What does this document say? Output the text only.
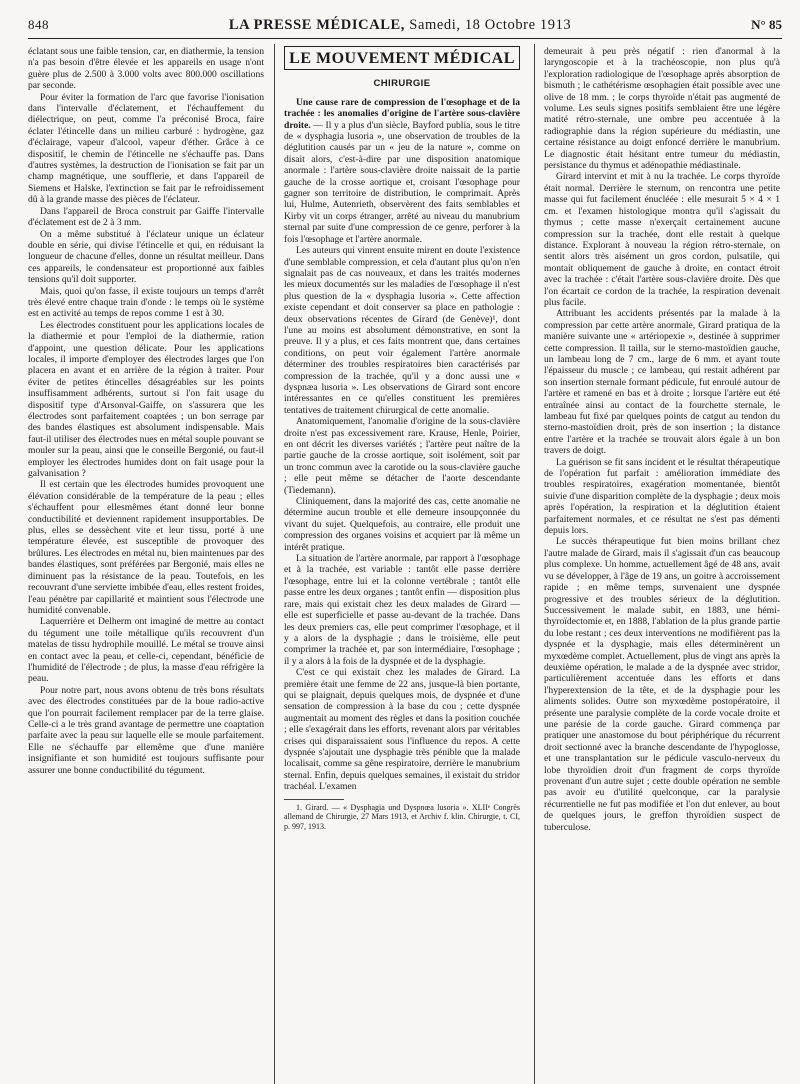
848	LA PRESSE MÉDICALE, Samedi, 18 Octobre 1913	N° 85

éclatant sous une faible tension, car, en diathermie, la tension n'a pas besoin d'être élevée et les appareils en usage n'ont guère plus de 2.500 à 3.000 volts avec 800.000 oscillations par seconde.

Pour éviter la formation de l'arc que favorise l'ionisation dans l'intervalle d'éclatement, et l'échauffement du diélectrique, on peut, comme l'a préconisé Broca, faire éclater l'étincelle dans un milieu carburé : hydrogène, gaz d'éclairage, vapeur d'alcool, vapeur d'éther. Grâce à ce dispositif, le chemin de l'étincelle ne s'échauffe pas. Dans d'autres systèmes, la destruction de l'ionisation se fait par un champ magnétique, une soufflerie, et dans l'appareil de Siemens et Halske, l'extinction se fait par le refroidissement dû à la grande masse des pièces de l'éclateur.

Dans l'appareil de Broca construit par Gaiffe l'intervalle d'éclatement est de 2 à 3 mm.

On a même substitué à l'éclateur unique un éclateur double en série, qui divise l'étincelle et qui, en réduisant la longueur de chacune d'elles, donne un résultat meilleur. Dans ces appareils, le condensateur est proportionné aux faibles tensions qu'il doit supporter.

Mais, quoi qu'on fasse, il existe toujours un temps d'arrêt très élevé entre chaque train d'onde : le temps où le système est en activité au temps de repos comme 1 est à 30.

Les électrodes constituent pour les applications locales de la diathermie et pour l'emploi de la diathermie, ration d'appoint, une question délicate. Pour les applications locales, il importe d'employer des électrodes larges que l'on placera en avant et en arrière de la région à traiter. Pour éviter de petites étincelles désagréables sur les points insuffisamment adhérents, surtout si l'on fait usage du dispositif type d'Arsonval-Gaiffe, on s'assurera que les électrodes sont parfaitement coaptées ; un bon serrage par des bandes élastiques est absolument indispensable. Mais faut-il utiliser des électrodes nues en métal souple pouvant se mouler sur la peau, ainsi que le conseille Bergonié, ou faut-il employer les électrodes humides dont on fait usage pour la galvanisation ?

Il est certain que les électrodes humides provoquent une élévation considérable de la température de la peau ; elles s'échauffent pour ellesmêmes étant donné leur bonne conductibilité et deviennent rapidement insupportables. De plus, elles se dessèchent vite et leur tissu, porté à une température élevée, est susceptible de provoquer des brûlures. Les électrodes en métal nu, bien maintenues par des bandes élastiques, sont préférées par Bergonié, mais elles ne diminuent pas la résistance de la peau. Toutefois, en les recouvrant d'une serviette imbibée d'eau, elles restent froides, l'eau pénètre par capillarité et maintient sous l'électrode une humidité convenable.

Laquerrière et Delherm ont imaginé de mettre au contact du tégument une toile métallique qu'ils recouvrent d'un matelas de tissu hydrophile mouillé. Le métal se trouve ainsi en contact avec la peau, et celle-ci, cependant, bénéficie de l'humidité de l'électrode ; de plus, la masse d'eau réfrigère la peau.

Pour notre part, nous avons obtenu de très bons résultats avec des électrodes constituées par de la boue radio-active que l'on pourrait facilement remplacer par de la terre glaise. Celle-ci a le très grand avantage de permettre une coaptation parfaite avec la peau sur laquelle elle se moule parfaitement. Elle ne s'échauffe par ellemême que d'une manière insignifiante et son humidité est toujours suffisante pour assurer une bonne conductibilité du tégument.

LE MOUVEMENT MÉDICAL
CHIRURGIE

Une cause rare de compression de l'œsophage et de la trachée : les anomalies d'origine de l'artère sous-clavière droite. — Il y a plus d'un siècle, Bayford publia, sous le titre de « dysphagia lusoria », une observation de troubles de la déglutition causés par un « jeu de la nature », comme on disait alors, c'est-à-dire par une disposition anatomique anormale : l'artère sous-clavière droite naissait de la partie gauche de la crosse aortique et, croisant l'œsophage pour gagner son territoire de distribution, le comprimait. Après lui, Hulme, Autenrieth, observèrent des faits semblables et Kirby vit un corps étranger, arrêté au niveau du manubrium sternal par suite d'une compression de ce genre, perforer à la fois l'œsophage et l'artère anormale.

Les auteurs qui vinrent ensuite mirent en doute l'existence d'une semblable compression, et cela d'autant plus qu'on n'en signalait pas de cas nouveaux, et dans les traités modernes les mieux documentés sur les maladies de l'œsophage il n'est plus question de la « dysphagia lusoria ». Cette affection existe cependant et doit conserver sa place en pathologie : deux observations récentes de Girard (de Genève)¹, dont l'une au moins est absolument démonstrative, en sont la preuve. Il y a plus, et ces faits montrent que, dans certaines conditions, on peut voir également l'artère anormale déterminer des troubles respiratoires bien caractérisés par compression de la trachée, qu'il y a donc aussi une « dyspnæa lusoria ». Les observations de Girard sont encore intéressantes en ce qu'elles constituent les premières tentatives de traitement chirurgical de cette anomalie.

Anatomiquement, l'anomalie d'origine de la sous-clavière droite n'est pas excessivement rare. Krause, Henle, Poirier, en ont décrit les diverses variétés ; l'artère peut naître de la partie gauche de la crosse aortique, soit isolément, soit par un tronc commun avec la carotide ou la sous-clavière gauche ; elle peut même se détacher de l'aorte descendante (Tiedemann).

Cliniquement, dans la majorité des cas, cette anomalie ne détermine aucun trouble et elle demeure insoupçonnée du vivant du sujet. Quelquefois, au contraire, elle produit une compression des organes voisins et acquiert par là même un intérêt pratique.

La situation de l'artère anormale, par rapport à l'œsophage et à la trachée, est variable : tantôt elle passe derrière l'œsophage, entre lui et la colonne vertébrale ; tantôt elle passe entre les deux organes ; tantôt enfin — disposition plus rare, mais qui existait chez les deux malades de Girard — elle est superficielle et passe au-devant de la trachée. Dans les deux premiers cas, elle peut comprimer l'œsophage, et il y a alors de la dysphagie ; dans le troisième, elle peut comprimer la trachée et, par son intermédiaire, l'œsophage ; il y a alors à la fois de la dyspnée et de la dysphagie.

C'est ce qui existait chez les malades de Girard. La première était une femme de 22 ans, jusque-là bien portante, qui se plaignait, depuis quelques mois, de dyspnée et d'une sensation de compression à la base du cou ; cette dyspnée augmentait au moment des règles et dans la position couchée ; elle s'exagérait dans les efforts, revenant alors par véritables crises qui disparaissaient sous l'influence du repos. A cette dyspnée s'ajoutait une dysphagie très pénible que la malade localisait, comme sa gêne respiratoire, derrière le manubrium sternal. Enfin, depuis quelques semaines, il existait du stridor trachéal. L'examen

1. Girard. — « Dysphagia und Dyspnœa lusoria ». XLIIᵉ Congrès allemand de Chirurgie, 27 Mars 1913, et Archiv f. klin. Chirurgie, t. CI, p. 997, 1913.

demeurait à peu près négatif : rien d'anormal à la laryngoscopie et à la trachéoscopie, non plus qu'à l'exploration radiologique de l'œsophage après absorption de bismuth ; le cathétérisme œsophagien était possible avec une olive de 18 mm. ; le corps thyroïde n'était pas augmenté de volume. Les seuls signes positifs semblaient être une légère matité rétro-sternale, une ombre peu accentuée à la radiographie dans la région supérieure du médiastin, une certaine résistance au doigt enfoncé derrière le manubrium. Le diagnostic était hésitant entre tumeur du médiastin, persistance du thymus et adénopathie médiastinale.

Girard intervint et mit à nu la trachée. Le corps thyroïde était normal. Derrière le sternum, on rencontra une petite masse qui fut facilement énucléée : elle mesurait 5 × 4 × 1 cm. et l'examen histologique montra qu'il s'agissait du thymus ; cette masse n'exerçait certainement aucune compression sur la trachée, dont elle restait à quelque distance. Explorant à nouveau la région rétro-sternale, on sentit alors très aisément un gros cordon, pulsatile, qui montait obliquement de gauche à droite, en contact étroit avec la trachée : c'était l'artère sous-clavière droite. Dès que l'on écartait ce cordon de la trachée, la respiration devenait plus facile.

Attribuant les accidents présentés par la malade à la compression par cette artère anormale, Girard pratiqua de la manière suivante une « artériopexie », destinée à supprimer cette compression. Il tailla, sur le sterno-mastoïdien gauche, un lambeau long de 7 cm., large de 6 mm. et ayant toute l'épaisseur du muscle ; ce lambeau, qui restait adhérent par son insertion sternale formant pédicule, fut enroulé autour de l'artère et ramené en bas et à droite ; lorsque l'artère eut été entraînée ainsi au contact de la fourchette sternale, le lambeau fut fixé par quelques points de catgut au tendon du sterno-mastoïdien droit, près de son insertion ; la distance entre l'artère et la trachée se trouvait alors égale à un bon travers de doigt.

La guérison se fit sans incident et le résultat thérapeutique de l'opération fut parfait : amélioration immédiate des troubles respiratoires, exagération momentanée, bientôt suivie d'une disparition complète de la dysphagie ; deux mois après l'opération, la respiration et la déglutition étaient parfaitement normales, et ce résultat ne s'est pas démenti depuis lors.

Le succès thérapeutique fut bien moins brillant chez l'autre malade de Girard, mais il s'agissait d'un cas beaucoup plus complexe. Un homme, actuellement âgé de 48 ans, avait vu se développer, à l'âge de 19 ans, un goitre à accroissement rapide ; en même temps, survenaient une dyspnée progressive et des troubles sérieux de la déglutition. Successivement le malade subit, en 1883, une hémi-thyroïdectomie et, en 1888, l'ablation de la plus grande partie du lobe restant ; ces deux interventions ne modifièrent pas la dyspnée et la dysphagie, mais elles déterminèrent un myxœdème complet. Actuellement, plus de vingt ans après la deuxième opération, le malade a de la dyspnée avec stridor, particulièrement accentuée dans les efforts et dans l'hyperextension de la tête, et de la dysphagie pour les aliments solides. Outre son myxœdème postopératoire, il présente une paralysie complète de la corde vocale droite et une parésie de la corde gauche. Girard commença par pratiquer une anastomose du bout périphérique du récurrent droit sectionné avec la branche descendante de l'hypoglosse, et une transplantation sur le pédicule vasculo-nerveux du lobe thyroïdien droit d'un fragment de corps thyroïde provenant d'un autre sujet ; cette double opération ne semble pas avoir eu d'utilité quelconque, car la paralysie récurrentielle ne fut pas modifiée et l'on dut enlever, au bout de quelques jours, le greffon thyroïdien suspect de tuberculose.
